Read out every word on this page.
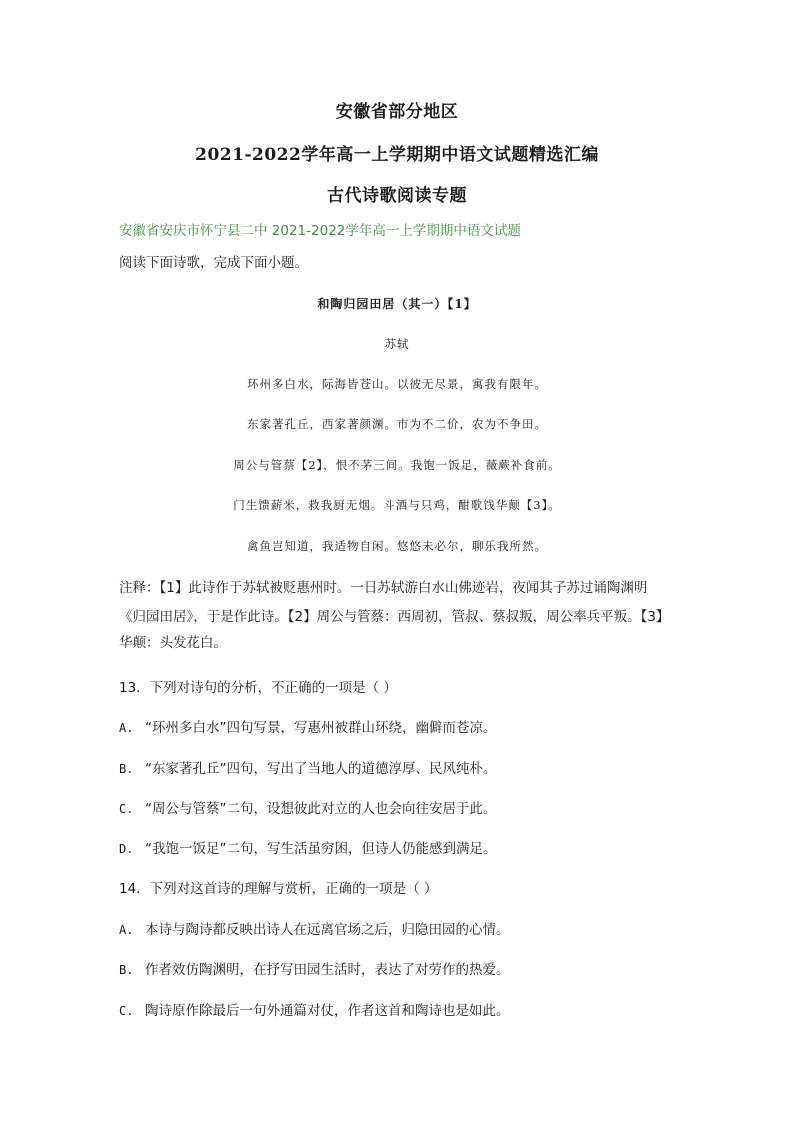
安徽省部分地区
2021-2022学年高一上学期期中语文试题精选汇编
古代诗歌阅读专题
安徽省安庆市怀宁县二中 2021-2022学年高一上学期期中语文试题
阅读下面诗歌，完成下面小题。
和陶归园田居（其一）【1】
苏轼
环州多白水，际海皆苍山。以彼无尽景，寓我有限年。
东家著孔丘，西家著颜渊。市为不二价，农为不争田。
周公与管蔡【2】，恨不茅三间。我饱一饭足，薇蕨补食前。
门生馈薪米，救我厨无烟。斗酒与只鸡，酣歌饯华颠【3】。
禽鱼岂知道，我适物自闲。悠悠未必尔，聊乐我所然。
注释：【1】此诗作于苏轼被贬惠州时。一日苏轼游白水山佛迹岩，夜闻其子苏过诵陶渊明
《归园田居》，于是作此诗。【2】周公与管蔡：西周初，管叔、蔡叔叛，周公率兵平叛。【3】
华颠：头发花白。
13．下列对诗句的分析，不正确的一项是（ ）
A. “环州多白水”四句写景，写惠州被群山环绕，幽僻而苍凉。
B. “东家著孔丘”四句，写出了当地人的道德淳厚、民风纯朴。
C. “周公与管蔡”二句，设想彼此对立的人也会向往安居于此。
D. “我饱一饭足”二句，写生活虽穷困，但诗人仍能感到满足。
14．下列对这首诗的理解与赏析，正确的一项是（ ）
A. 本诗与陶诗都反映出诗人在远离官场之后，归隐田园的心情。
B. 作者效仿陶渊明，在抒写田园生活时，表达了对劳作的热爱。
C. 陶诗原作除最后一句外通篇对仗，作者这首和陶诗也是如此。
